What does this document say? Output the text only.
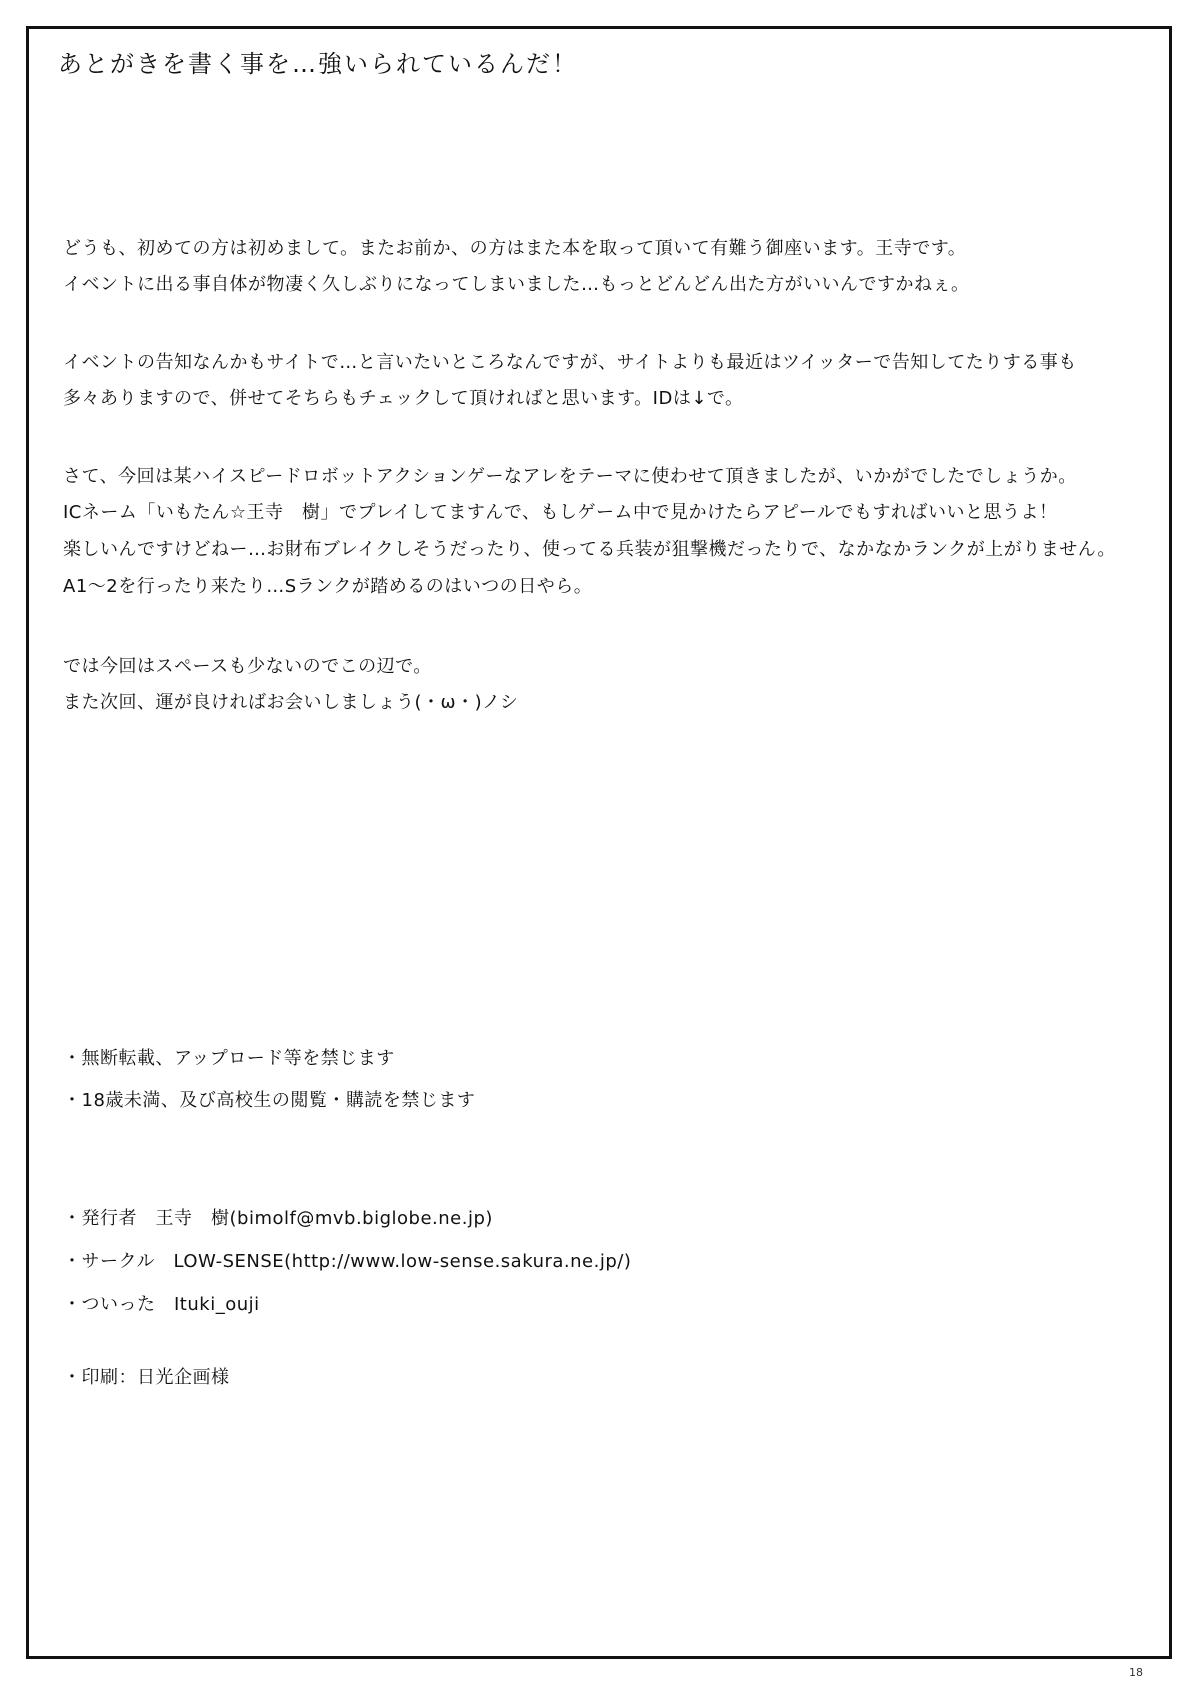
あとがきを書く事を…強いられているんだ！
どうも、初めての方は初めまして。またお前か、の方はまた本を取って頂いて有難う御座います。王寺です。
イベントに出る事自体が物凄く久しぶりになってしまいました…もっとどんどん出た方がいいんですかねぇ。
イベントの告知なんかもサイトで…と言いたいところなんですが、サイトよりも最近はツイッターで告知してたりする事も
多々ありますので、併せてそちらもチェックして頂ければと思います。IDは↓で。
さて、今回は某ハイスピードロボットアクションゲーなアレをテーマに使わせて頂きましたが、いかがでしたでしょうか。
ICネーム「いもたん☆王寺　樹」でプレイしてますんで、もしゲーム中で見かけたらアピールでもすればいいと思うよ！
楽しいんですけどねー…お財布ブレイクしそうだったり、使ってる兵装が狙撃機だったりで、なかなかランクが上がりません。
A1～2を行ったり来たり…Sランクが踏めるのはいつの日やら。
では今回はスペースも少ないのでこの辺で。
また次回、運が良ければお会いしましょう(・ω・)ノシ
・無断転載、アップロード等を禁じます
・18歳未満、及び高校生の閲覧・購読を禁じます
・発行者　王寺　樹(bimolf@mvb.biglobe.ne.jp)
・サークル　LOW-SENSE(http://www.low-sense.sakura.ne.jp/)
・ついった　Ituki_ouji
・印刷：日光企画様
18
